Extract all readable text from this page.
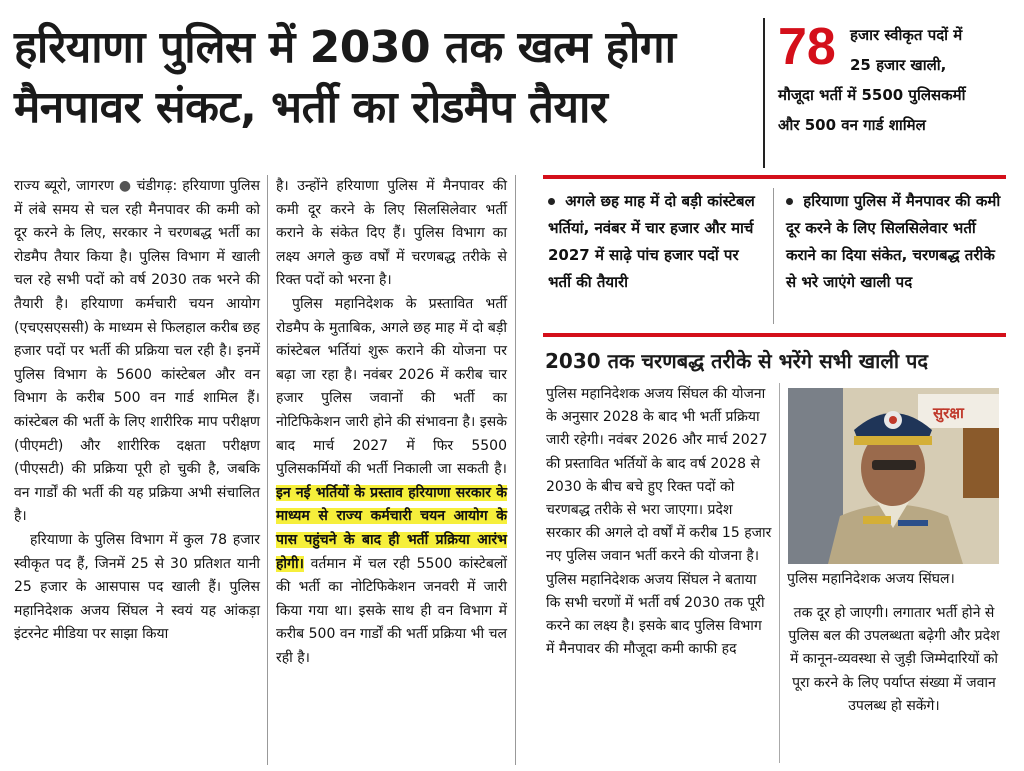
हरियाणा पुलिस में 2030 तक खत्म होगा
मैनपावर संकट, भर्ती का रोडमैप तैयार
78 हजार स्वीकृत पदों में
25 हजार खाली,
मौजूदा भर्ती में 5500 पुलिसकर्मी
और 500 वन गार्ड शामिल

राज्य ब्यूरो, जागरण ● चंडीगढ़: हरियाणा पुलिस में लंबे समय से चल रही मैनपावर की कमी को दूर करने के लिए, सरकार ने चरणबद्ध भर्ती का रोडमैप तैयार किया है। पुलिस विभाग में खाली चल रहे सभी पदों को वर्ष 2030 तक भरने की तैयारी है। हरियाणा कर्मचारी चयन आयोग (एचएसएससी) के माध्यम से फिलहाल करीब छह हजार पदों पर भर्ती की प्रक्रिया चल रही है। इनमें पुलिस विभाग के 5600 कांस्टेबल और वन विभाग के करीब 500 वन गार्ड शामिल हैं। कांस्टेबल की भर्ती के लिए शारीरिक माप परीक्षण (पीएमटी) और शारीरिक दक्षता परीक्षण (पीएसटी) की प्रक्रिया पूरी हो चुकी है, जबकि वन गार्डों की भर्ती की यह प्रक्रिया अभी संचालित है।

हरियाणा के पुलिस विभाग में कुल 78 हजार स्वीकृत पद हैं, जिनमें 25 से 30 प्रतिशत यानी 25 हजार के आसपास पद खाली हैं। पुलिस महानिदेशक अजय सिंघल ने स्वयं यह आंकड़ा इंटरनेट मीडिया पर साझा किया

है। उन्होंने हरियाणा पुलिस में मैनपावर की कमी दूर करने के लिए सिलसिलेवार भर्ती कराने के संकेत दिए हैं। पुलिस विभाग का लक्ष्य अगले कुछ वर्षों में चरणबद्ध तरीके से रिक्त पदों को भरना है।

पुलिस महानिदेशक के प्रस्तावित भर्ती रोडमैप के मुताबिक, अगले छह माह में दो बड़ी कांस्टेबल भर्तियां शुरू कराने की योजना पर बढ़ा जा रहा है। नवंबर 2026 में करीब चार हजार पुलिस जवानों की भर्ती का नोटिफिकेशन जारी होने की संभावना है। इसके बाद मार्च 2027 में फिर 5500 पुलिसकर्मियों की भर्ती निकाली जा सकती है। इन नई भर्तियों के प्रस्ताव हरियाणा सरकार के माध्यम से राज्य कर्मचारी चयन आयोग के पास पहुंचने के बाद ही भर्ती प्रक्रिया आरंभ होगी। वर्तमान में चल रही 5500 कांस्टेबलों की भर्ती का नोटिफिकेशन जनवरी में जारी किया गया था। इसके साथ ही वन विभाग में करीब 500 वन गार्डों की भर्ती प्रक्रिया भी चल रही है।

अगले छह माह में दो बड़ी कांस्टेबल भर्तियां, नवंबर में चार हजार और मार्च 2027 में साढ़े पांच हजार पदों पर भर्ती की तैयारी
हरियाणा पुलिस में मैनपावर की कमी दूर करने के लिए सिलसिलेवार भर्ती कराने का दिया संकेत, चरणबद्ध तरीके से भरे जाएंगे खाली पद
2030 तक चरणबद्ध तरीके से भरेंगे सभी खाली पद

पुलिस महानिदेशक अजय सिंघल की योजना के अनुसार 2028 के बाद भी भर्ती प्रक्रिया जारी रहेगी। नवंबर 2026 और मार्च 2027 की प्रस्तावित भर्तियों के बाद वर्ष 2028 से 2030 के बीच बचे हुए रिक्त पदों को चरणबद्ध तरीके से भरा जाएगा। प्रदेश सरकार की अगले दो वर्षों में करीब 15 हजार नए पुलिस जवान भर्ती करने की योजना है। पुलिस महानिदेशक अजय सिंघल ने बताया कि सभी चरणों में भर्ती वर्ष 2030 तक पूरी करने का लक्ष्य है। इसके बाद पुलिस विभाग में मैनपावर की मौजूदा कमी काफी हद

सुरक्षा
पुलिस महानिदेशक अजय सिंघल।

तक दूर हो जाएगी। लगातार भर्ती होने से पुलिस बल की उपलब्धता बढ़ेगी और प्रदेश में कानून-व्यवस्था से जुड़ी जिम्मेदारियों को पूरा करने के लिए पर्याप्त संख्या में जवान उपलब्ध हो सकेंगे।
